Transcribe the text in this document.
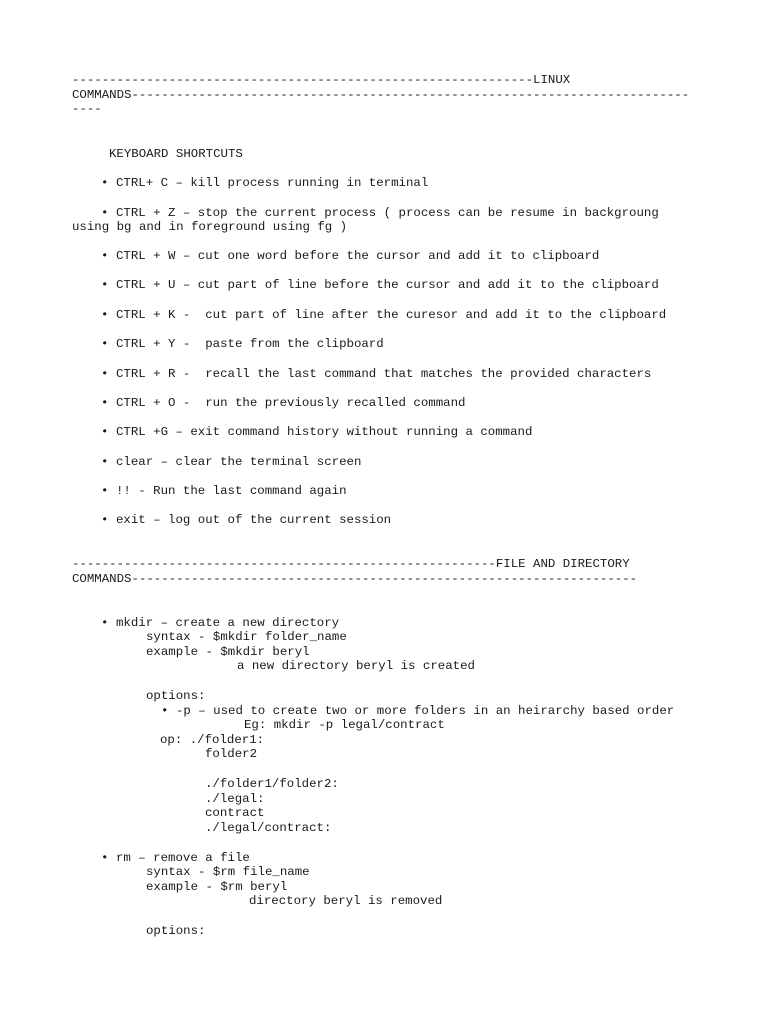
--------------------------------------------------------------LINUX
COMMANDS---------------------------------------------------------------------------
----
KEYBOARD SHORTCUTS
• CTRL+ C – kill process running in terminal
• CTRL + Z – stop the current process ( process can be resume in backgroung
using bg and in foreground using fg )
• CTRL + W – cut one word before the cursor and add it to clipboard
• CTRL + U – cut part of line before the cursor and add it to the clipboard
• CTRL + K -  cut part of line after the curesor and add it to the clipboard
• CTRL + Y -  paste from the clipboard
• CTRL + R -  recall the last command that matches the provided characters
• CTRL + O -  run the previously recalled command
• CTRL +G – exit command history without running a command
• clear – clear the terminal screen
• !! - Run the last command again
• exit – log out of the current session
---------------------------------------------------------FILE AND DIRECTORY
COMMANDS--------------------------------------------------------------------
• mkdir – create a new directory
syntax - $mkdir folder_name
example - $mkdir beryl
a new directory beryl is created
options:
• -p – used to create two or more folders in an heirarchy based order
Eg: mkdir -p legal/contract
op: ./folder1:
folder2
./folder1/folder2:
./legal:
contract
./legal/contract:
• rm – remove a file
syntax - $rm file_name
example - $rm beryl
directory beryl is removed
options:
